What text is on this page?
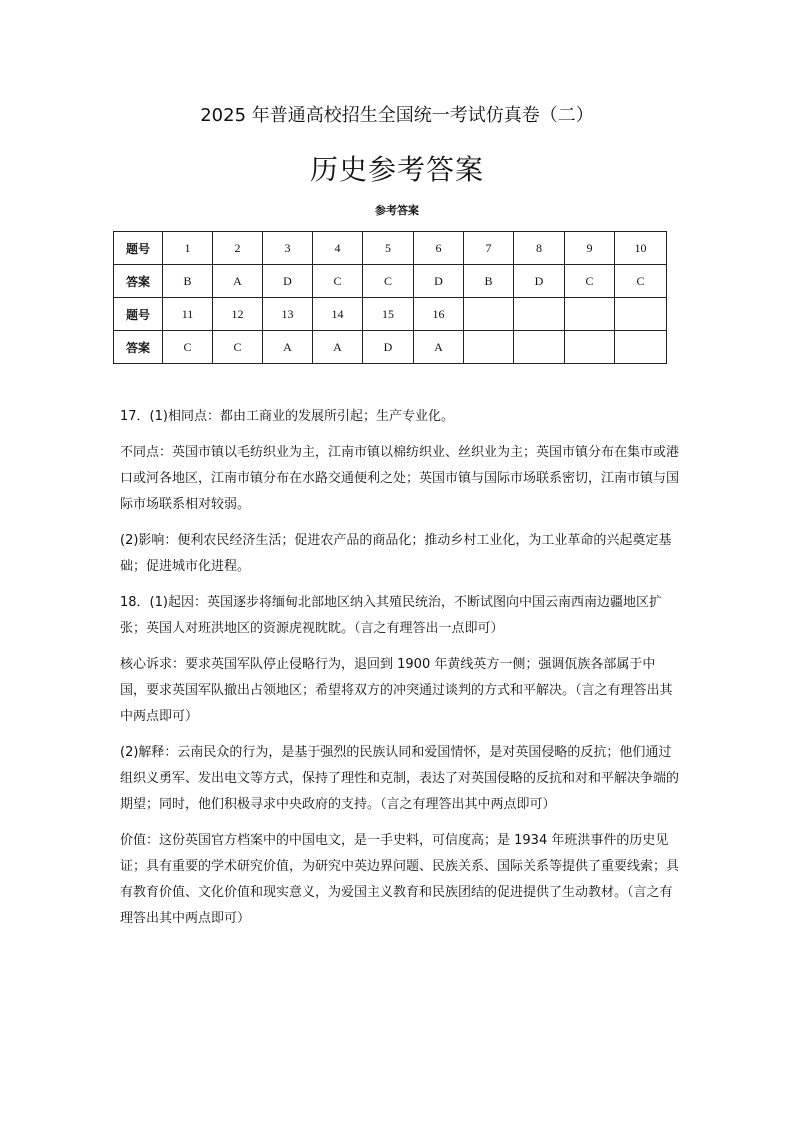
2025 年普通高校招生全国统一考试仿真卷（二）
历史参考答案
参考答案
题号	1	2	3	4	5	6	7	8	9	10
答案	B	A	D	C	C	D	B	D	C	C
题号	11	12	13	14	15	16				
答案	C	C	A	A	D	A				

17．(1)相同点：都由工商业的发展所引起；生产专业化。

不同点：英国市镇以毛纺织业为主，江南市镇以棉纺织业、丝织业为主；英国市镇分布在集市或港口或河各地区，江南市镇分布在水路交通便利之处；英国市镇与国际市场联系密切，江南市镇与国际市场联系相对较弱。

(2)影响：便利农民经济生活；促进农产品的商品化；推动乡村工业化，为工业革命的兴起奠定基础；促进城市化进程。

18．(1)起因：英国逐步将缅甸北部地区纳入其殖民统治，不断试图向中国云南西南边疆地区扩张；英国人对班洪地区的资源虎视眈眈。（言之有理答出一点即可）

核心诉求：要求英国军队停止侵略行为，退回到 1900 年黄线英方一侧；强调佤族各部属于中国，要求英国军队撤出占领地区；希望将双方的冲突通过谈判的方式和平解决。（言之有理答出其中两点即可）

(2)解释：云南民众的行为，是基于强烈的民族认同和爱国情怀，是对英国侵略的反抗；他们通过组织义勇军、发出电文等方式，保持了理性和克制，表达了对英国侵略的反抗和对和平解决争端的期望；同时，他们积极寻求中央政府的支持。（言之有理答出其中两点即可）

价值：这份英国官方档案中的中国电文，是一手史料，可信度高；是 1934 年班洪事件的历史见证；具有重要的学术研究价值，为研究中英边界问题、民族关系、国际关系等提供了重要线索；具有教育价值、文化价值和现实意义，为爱国主义教育和民族团结的促进提供了生动教材。（言之有理答出其中两点即可）
